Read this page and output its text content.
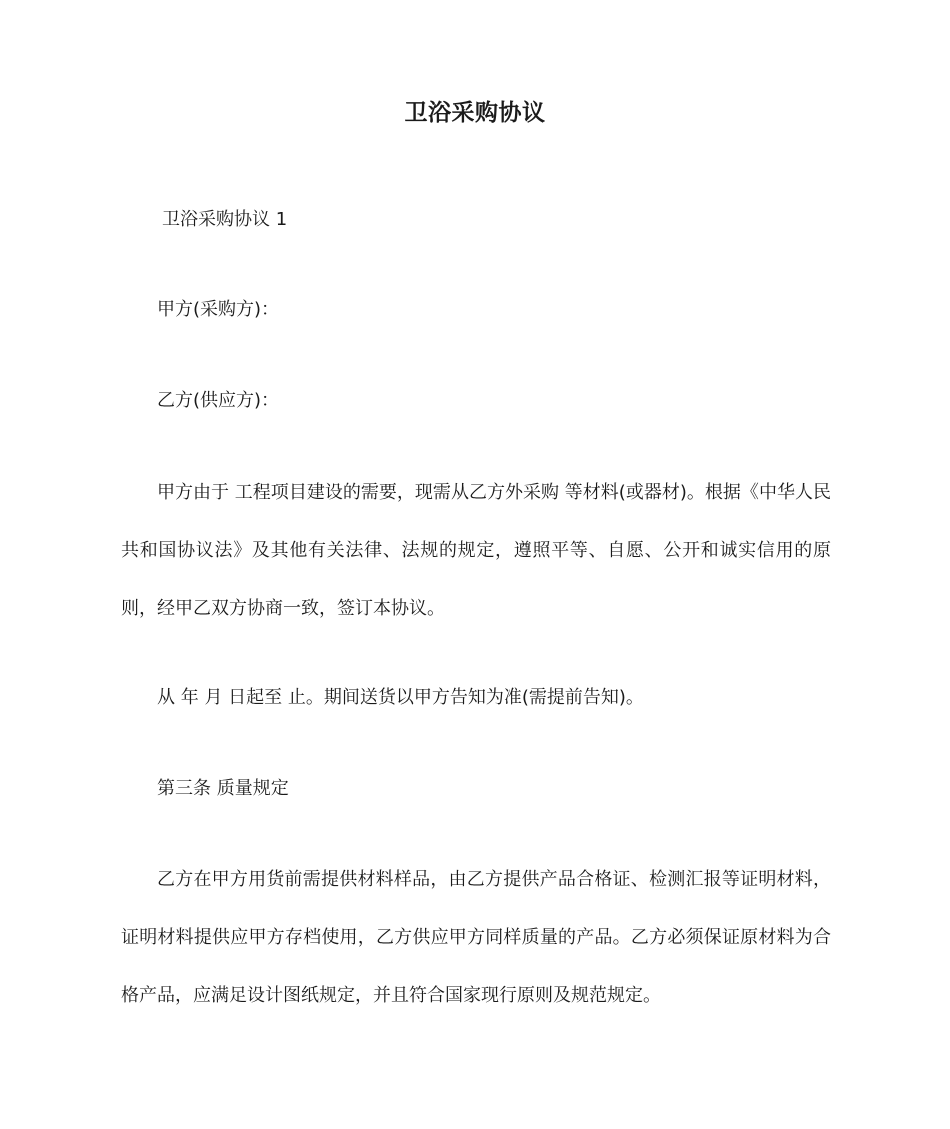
卫浴采购协议

卫浴采购协议 1

甲方(采购方)：

乙方(供应方)：

甲方由于 工程项目建设的需要，现需从乙方外采购 等材料(或器材)。根据《中华人民共和国协议法》及其他有关法律、法规的规定，遵照平等、自愿、公开和诚实信用的原则，经甲乙双方协商一致，签订本协议。

从 年 月 日起至 止。期间送货以甲方告知为准(需提前告知)。

第三条 质量规定

乙方在甲方用货前需提供材料样品，由乙方提供产品合格证、检测汇报等证明材料，证明材料提供应甲方存档使用，乙方供应甲方同样质量的产品。乙方必须保证原材料为合格产品，应满足设计图纸规定，并且符合国家现行原则及规范规定。
